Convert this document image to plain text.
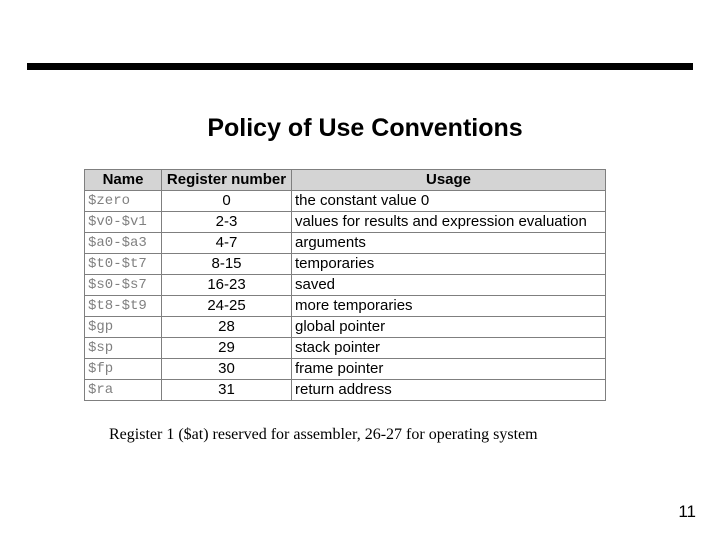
Policy of Use Conventions
Name	Register number	Usage
$zero	0	the constant value 0
$v0-$v1	2-3	values for results and expression evaluation
$a0-$a3	4-7	arguments
$t0-$t7	8-15	temporaries
$s0-$s7	16-23	saved
$t8-$t9	24-25	more temporaries
$gp	28	global pointer
$sp	29	stack pointer
$fp	30	frame pointer
$ra	31	return address
Register 1 ($at) reserved for assembler, 26-27 for operating system
11
